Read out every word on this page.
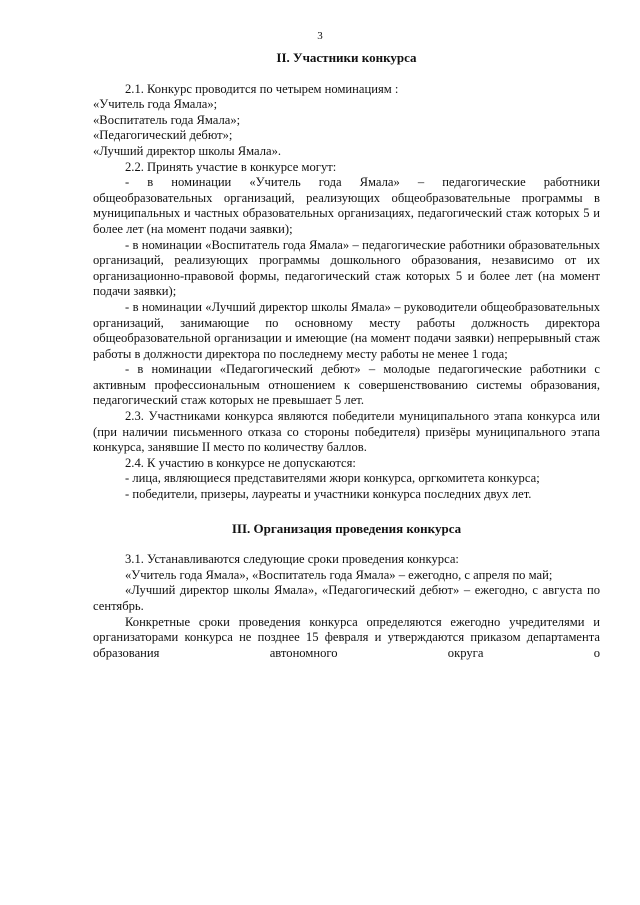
3
II. Участники конкурса

2.1. Конкурс проводится по четырем номинациям :

«Учитель года Ямала»;

«Воспитатель года Ямала»;

«Педагогический дебют»;

«Лучший директор школы Ямала».

2.2. Принять участие в конкурсе могут:

- в номинации «Учитель года Ямала» – педагогические работники общеобразовательных организаций, реализующих общеобразовательные программы в муниципальных и частных образовательных организациях, педагогический стаж которых 5 и более лет (на момент подачи заявки);

- в номинации «Воспитатель года Ямала» – педагогические работники образовательных организаций, реализующих программы дошкольного образования, независимо от их организационно-правовой формы, педагогический стаж которых 5 и более лет (на момент подачи заявки);

- в номинации «Лучший директор школы Ямала» – руководители общеобразовательных организаций, занимающие по основному месту работы должность директора общеобразовательной организации и имеющие (на момент подачи заявки) непрерывный стаж работы в должности директора по последнему месту работы не менее 1 года;

- в номинации «Педагогический дебют» – молодые педагогические работники с активным профессиональным отношением к совершенствованию системы образования, педагогический стаж которых не превышает 5 лет.

2.3. Участниками конкурса являются победители муниципального этапа конкурса или (при наличии письменного отказа со стороны победителя) призёры муниципального этапа конкурса, занявшие II место по количеству баллов.

2.4. К участию в конкурсе не допускаются:

- лица, являющиеся представителями жюри конкурса, оргкомитета конкурса;

- победители, призеры, лауреаты и участники конкурса последних двух лет.

III. Организация проведения конкурса

3.1. Устанавливаются следующие сроки проведения конкурса:

«Учитель года Ямала», «Воспитатель года Ямала» – ежегодно, с апреля по май;

«Лучший директор школы Ямала», «Педагогический дебют» – ежегодно, с августа по сентябрь.

Конкретные сроки проведения конкурса определяются ежегодно учредителями и организаторами конкурса не позднее 15 февраля и утверждаются приказом департамента образования автономного округа о
